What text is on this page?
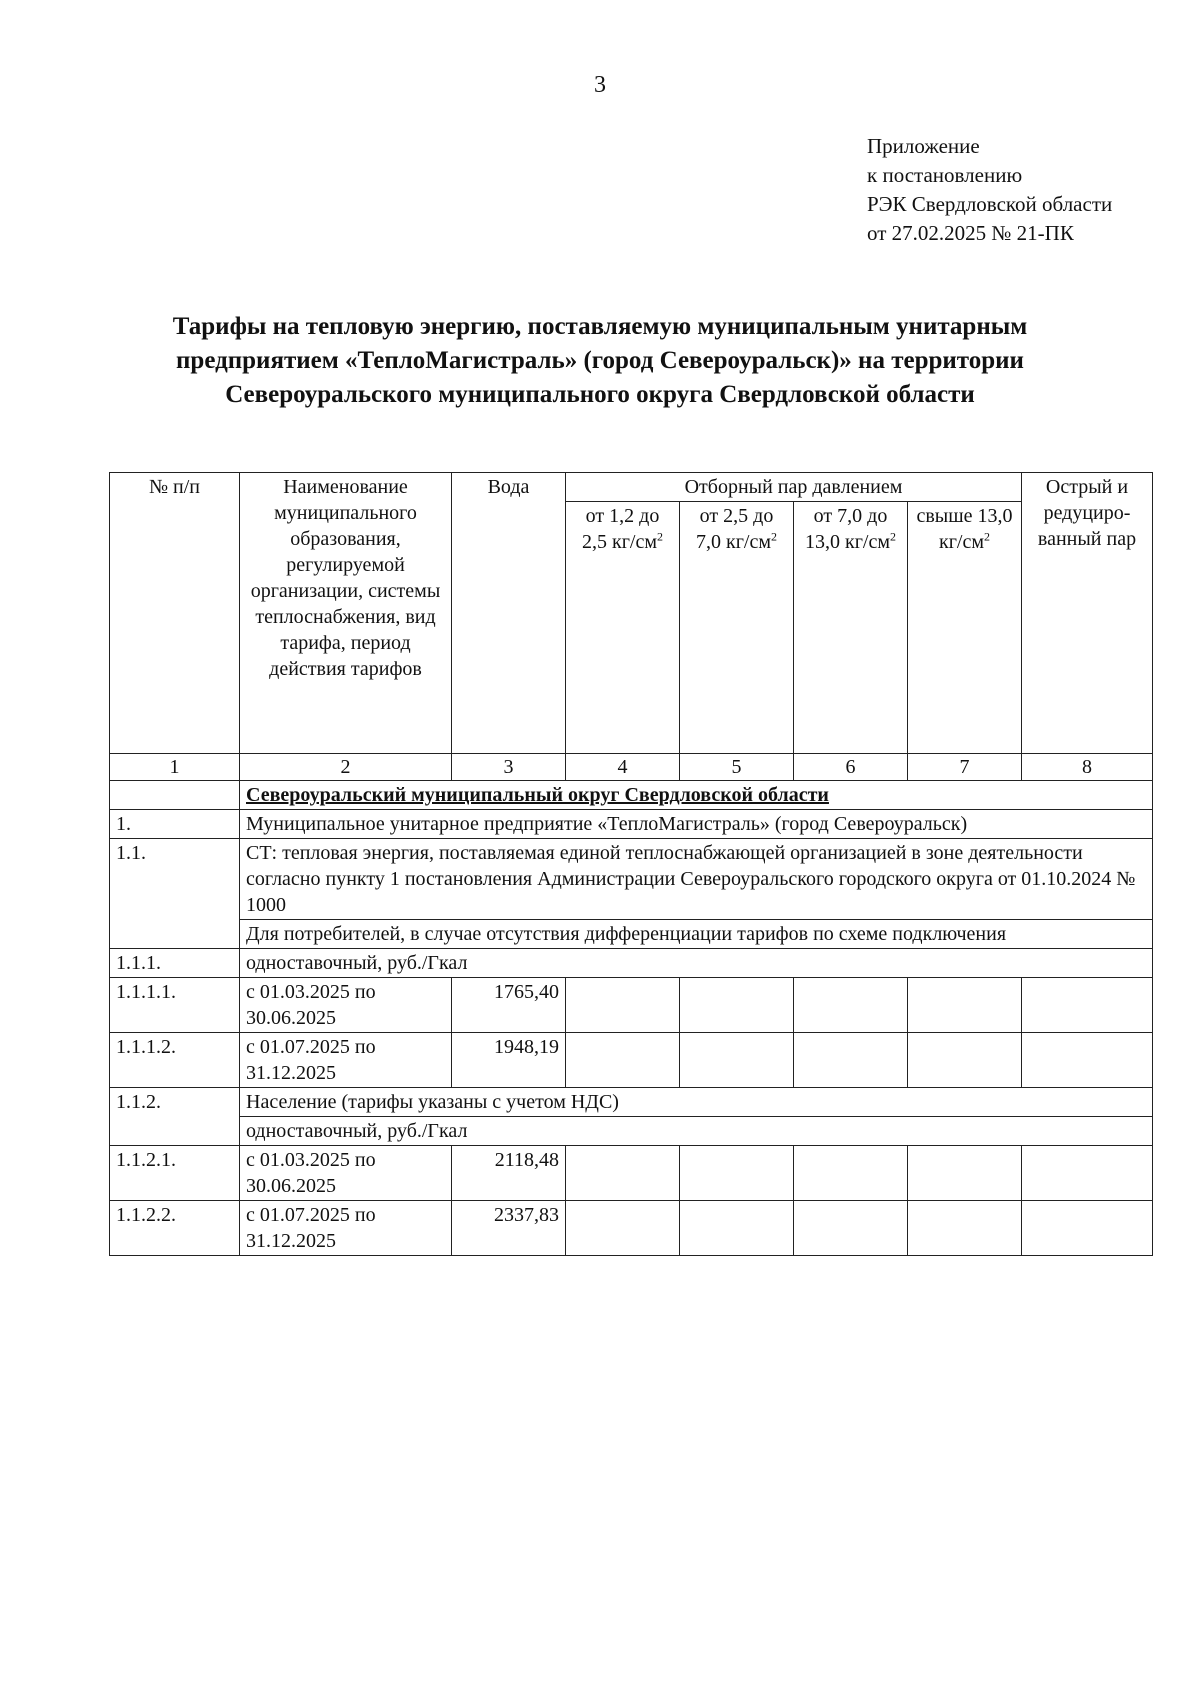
3
Приложение
к постановлению
РЭК Свердловской области
от 27.02.2025 № 21-ПК
Тарифы на тепловую энергию, поставляемую муниципальным унитарным
предприятием «ТеплоМагистраль» (город Североуральск)» на территории
Североуральского муниципального округа Свердловской области
№ п/п	Наименование муниципального образования, регулируемой организации, системы теплоснабжения, вид тарифа, период действия тарифов	Вода	Отборный пар давлением				Острый и редуциро-ванный пар
			от 1,2 до 2,5 $кг/см^2$	от 2,5 до 7,0 $кг/см^2$	от 7,0 до 13,0 $кг/см^2$	свыше 13,0 $кг/см^2$
1	2	3	4	5	6	7	8
	Североуральский муниципальный округ Свердловской области						
1.	Муниципальное унитарное предприятие «ТеплоМагистраль» (город Североуральск)						
1.1.	СТ: тепловая энергия, поставляемая единой теплоснабжающей организацией в зоне деятельности согласно пункту 1 постановления Администрации Североуральского городского округа от 01.10.2024 № 1000						
	Для потребителей, в случае отсутствия дифференциации тарифов по схеме подключения						
1.1.1.	одноставочный, руб./Гкал						
1.1.1.1.	с 01.03.2025 по 30.06.2025	1765,40					
1.1.1.2.	с 01.07.2025 по 31.12.2025	1948,19					
1.1.2.	Население (тарифы указаны с учетом НДС)						
	одноставочный, руб./Гкал						
1.1.2.1.	с 01.03.2025 по 30.06.2025	2118,48					
1.1.2.2.	с 01.07.2025 по 31.12.2025	2337,83					
